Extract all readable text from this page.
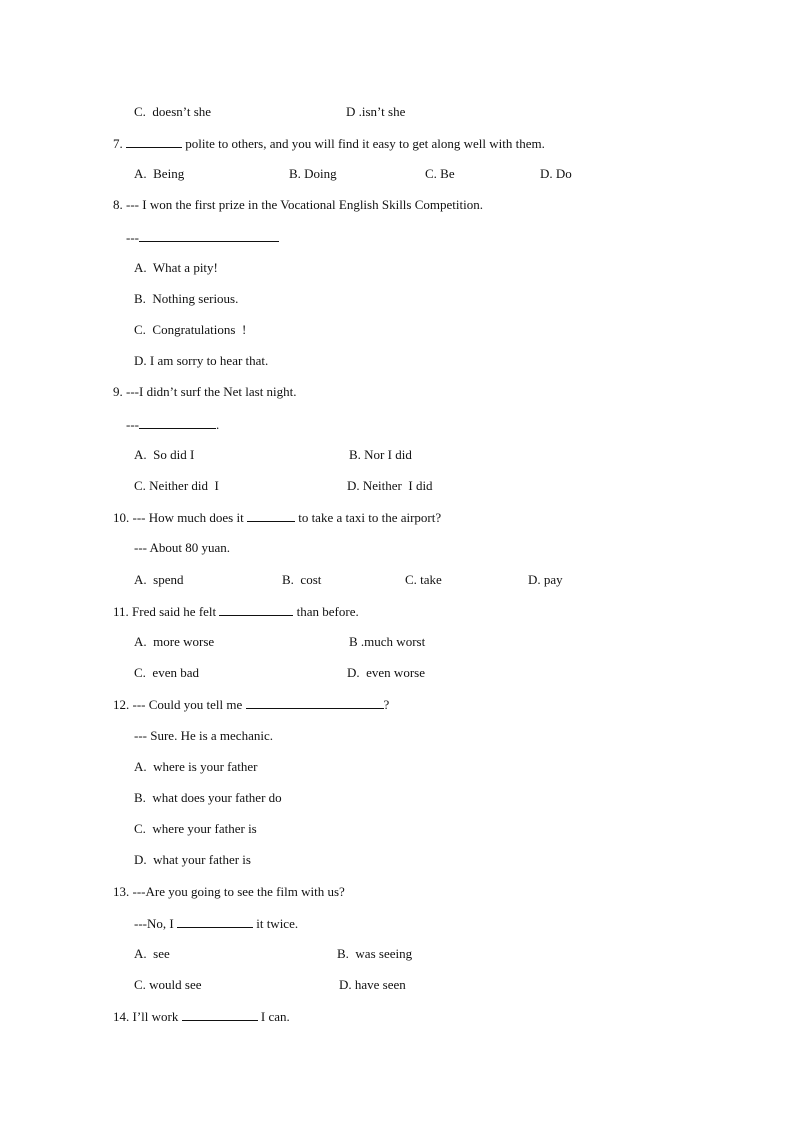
C.  doesn’t she	D .isn’t she
7.	polite to others, and you will find it easy to get along well with them.
A.  Being	B. Doing	C. Be	D. Do
8. --- I won the first prize in the Vocational English Skills Competition.
---
A.  What a pity!
B.  Nothing serious.
C.  Congratulations  !
D. I am sorry to hear that.
9. ---I didn’t surf the Net last night.
---	.
A.  So did I	B. Nor I did
C. Neither did  I	D. Neither  I did
10. --- How much does it	to take a taxi to the airport?
--- About 80 yuan.
A.  spend	B.  cost	C. take	D. pay
11. Fred said he felt	than before.
A.  more worse	B .much worst
C.  even bad	D.  even worse
12. --- Could you tell me	?
--- Sure. He is a mechanic.
A.  where is your father
B.  what does your father do
C.  where your father is
D.  what your father is
13. ---Are you going to see the film with us?
---No, I	it twice.
A.  see	B.  was seeing
C. would see	D. have seen
14. I’ll work	I can.
